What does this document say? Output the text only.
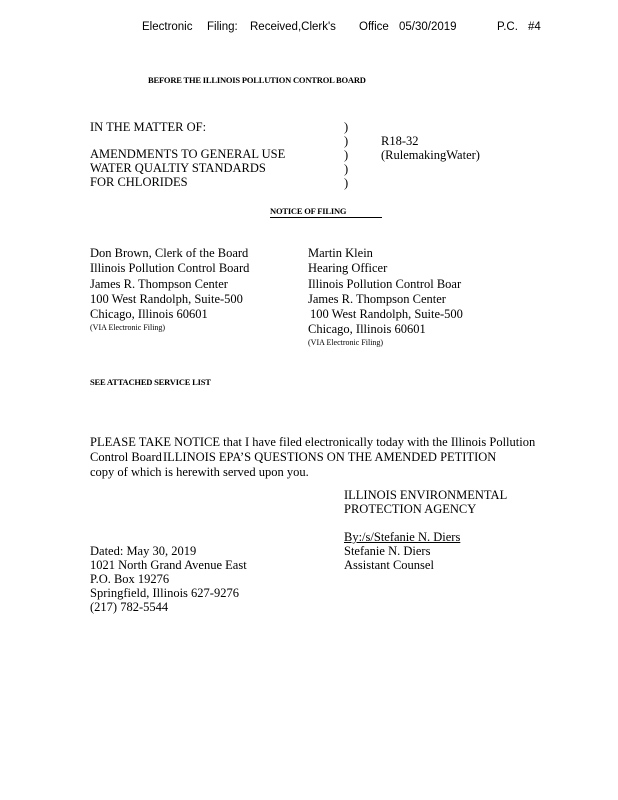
Electronic Filing: Received,Clerk's Office 05/30/2019	P.C. #4
BEFORE THE ILLINOIS POLLUTION CONTROL BOARD
IN THE MATTER OF:
AMENDMENTS TO GENERAL USE
WATER QUALTIY STANDARDS
FOR CHLORIDES
)
)
)
)
)
R18-32
(RulemakingWater)
NOTICE OF FILING
Don Brown, Clerk of the Board
Illinois Pollution Control Board
James R. Thompson Center
100 West Randolph, Suite-500
Chicago, Illinois 60601
(VIA Electronic Filing)
Martin Klein
Hearing Officer
Illinois Pollution Control Boar
James R. Thompson Center
100 West Randolph, Suite-500
Chicago, Illinois 60601
(VIA Electronic Filing)
SEE ATTACHED SERVICE LIST
PLEASE TAKE NOTICE that I have filed electronically today with the Illinois Pollution
Control Board ILLINOIS EPA’S QUESTIONS ON THE AMENDED PETITION
copy of which is herewith served upon you.
ILLINOIS ENVIRONMENTAL
PROTECTION AGENCY
By:/s/Stefanie N. Diers
Stefanie N. Diers
Assistant Counsel
Dated: May 30, 2019
1021 North Grand Avenue East
P.O. Box 19276
Springfield, Illinois 627-9276
(217) 782-5544
